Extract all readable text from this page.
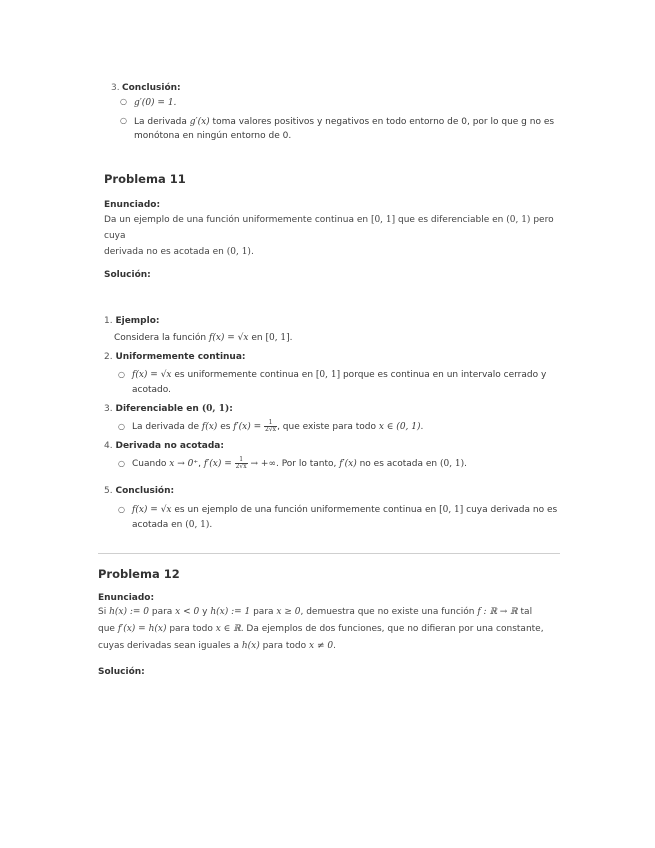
3. Conclusión:
○ g′(0) = 1.
○ La derivada g′(x) toma valores positivos y negativos en todo entorno de 0, por lo que g no es
monótona en ningún entorno de 0.
Problema 11

Enunciado:

Da un ejemplo de una función uniformemente continua en [0, 1] que es diferenciable en (0, 1) pero cuya
derivada no es acotada en (0, 1).

Solución:

1. Ejemplo:
Considera la función f(x) = √x en [0, 1].
2. Uniformemente continua:
○ f(x) = √x es uniformemente continua en [0, 1] porque es continua en un intervalo cerrado y
acotado.
3. Diferenciable en (0, 1):
○ La derivada de f(x) es $f'(x) = \frac{1}{2√x}$ , que existe para todo x ∈ (0, 1).
4. Derivada no acotada:
○ Cuando x → 0⁺, $f'(x) = \frac{1}{2√x}$ → +∞. Por lo tanto, f′(x) no es acotada en (0, 1).
5. Conclusión:
○ f(x) = √x es un ejemplo de una función uniformemente continua en [0, 1] cuya derivada no es
acotada en (0, 1).
Problema 12

Enunciado:

Si h(x) := 0 para x < 0 y h(x) := 1 para x ≥ 0, demuestra que no existe una función f : ℝ → ℝ tal
que f′(x) = h(x) para todo x ∈ ℝ. Da ejemplos de dos funciones, que no difieran por una constante,
cuyas derivadas sean iguales a h(x) para todo x ≠ 0.

Solución:
